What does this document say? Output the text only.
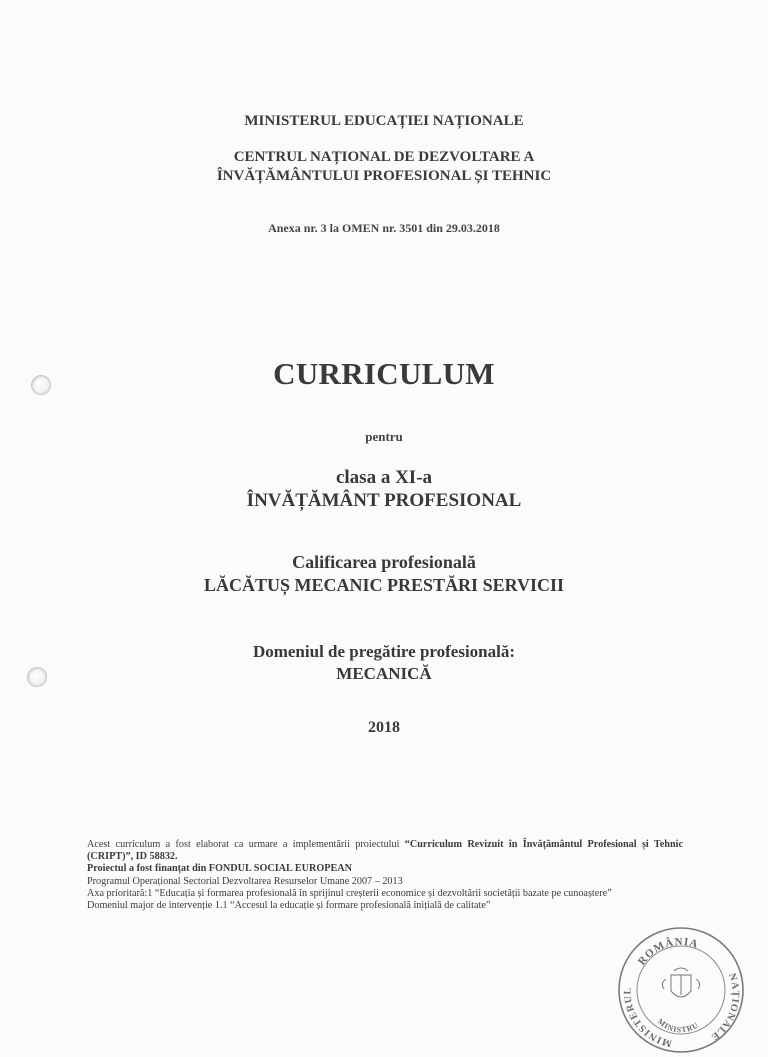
MINISTERUL EDUCAȚIEI NAȚIONALE
CENTRUL NAȚIONAL DE DEZVOLTARE A
ÎNVĂȚĂMÂNTULUI PROFESIONAL ȘI TEHNIC
Anexa nr. 3 la OMEN nr. 3501 din 29.03.2018
CURRICULUM
pentru
clasa a XI-a
ÎNVĂȚĂMÂNT PROFESIONAL
Calificarea profesională
LĂCĂTUȘ MECANIC PRESTĂRI SERVICII
Domeniul de pregătire profesională:
MECANICĂ
2018

Acest curriculum a fost elaborat ca urmare a implementării proiectului “Curriculum Revizuit în Învățământul Profesional și Tehnic (CRIPT)”, ID 58832.

Proiectul a fost finanțat din FONDUL SOCIAL EUROPEAN

Programul Operațional Sectorial Dezvoltarea Resurselor Umane 2007 – 2013

Axa prioritară:1 “Educația și formarea profesională în sprijinul creșterii economice și dezvoltării societății bazate pe cunoaștere”

Domeniul major de intervenție 1.1 “Accesul la educație și formare profesională inițială de calitate”

ROMÂNIA
MINISTERUL
NAȚIONALE
MINISTRU
